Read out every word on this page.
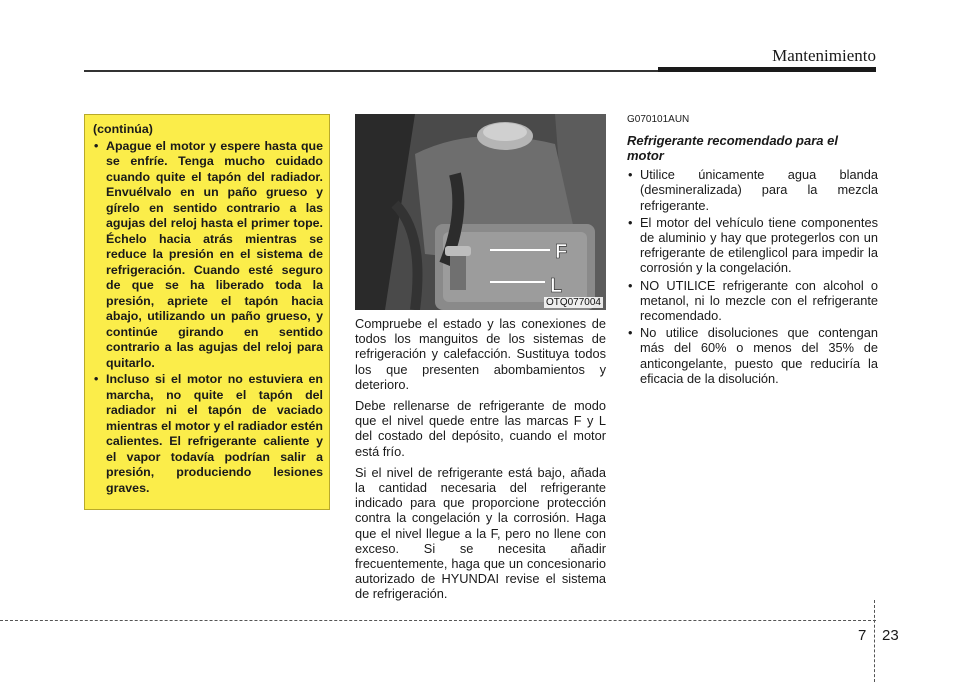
Mantenimiento
(continúa)
• Apague el motor y espere hasta que se enfríe. Tenga mucho cuidado cuando quite el tapón del radiador. Envuélvalo en un paño grueso y gírelo en sentido contrario a las agujas del reloj hasta el primer tope. Échelo hacia atrás mientras se reduce la presión en el sistema de refrigeración. Cuando esté seguro de que se ha liberado toda la presión, apriete el tapón hacia abajo, utilizando un paño grueso, y continúe girando en sentido contrario a las agujas del reloj para quitarlo.
• Incluso si el motor no estuviera en marcha, no quite el tapón del radiador ni el tapón de vaciado mientras el motor y el radiador estén calientes. El refrigerante caliente y el vapor todavía podrían salir a presión, produciendo lesiones graves.
F
L
OTQ077004

Compruebe el estado y las conexiones de todos los manguitos de los sistemas de refrigeración y calefacción. Sustituya todos los que presenten abombamientos y deterioro.

Debe rellenarse de refrigerante de modo que el nivel quede entre las marcas F y L del costado del depósito, cuando el motor está frío.

Si el nivel de refrigerante está bajo, añada la cantidad necesaria del refrigerante indicado para que proporcione protección contra la congelación y la corrosión. Haga que el nivel llegue a la F, pero no llene con exceso. Si se necesita añadir frecuentemente, haga que un concesionario autorizado de HYUNDAI revise el sistema de refrigeración.

G070101AUN
Refrigerante recomendado para el motor
• Utilice únicamente agua blanda (desmineralizada) para la mezcla refrigerante.
• El motor del vehículo tiene componentes de aluminio y hay que protegerlos con un refrigerante de etilenglicol para impedir la corrosión y la congelación.
• NO UTILICE refrigerante con alcohol o metanol, ni lo mezcle con el refrigerante recomendado.
• No utilice disoluciones que contengan más del 60% o menos del 35% de anticongelante, puesto que reduciría la eficacia de la disolución.
7 23
